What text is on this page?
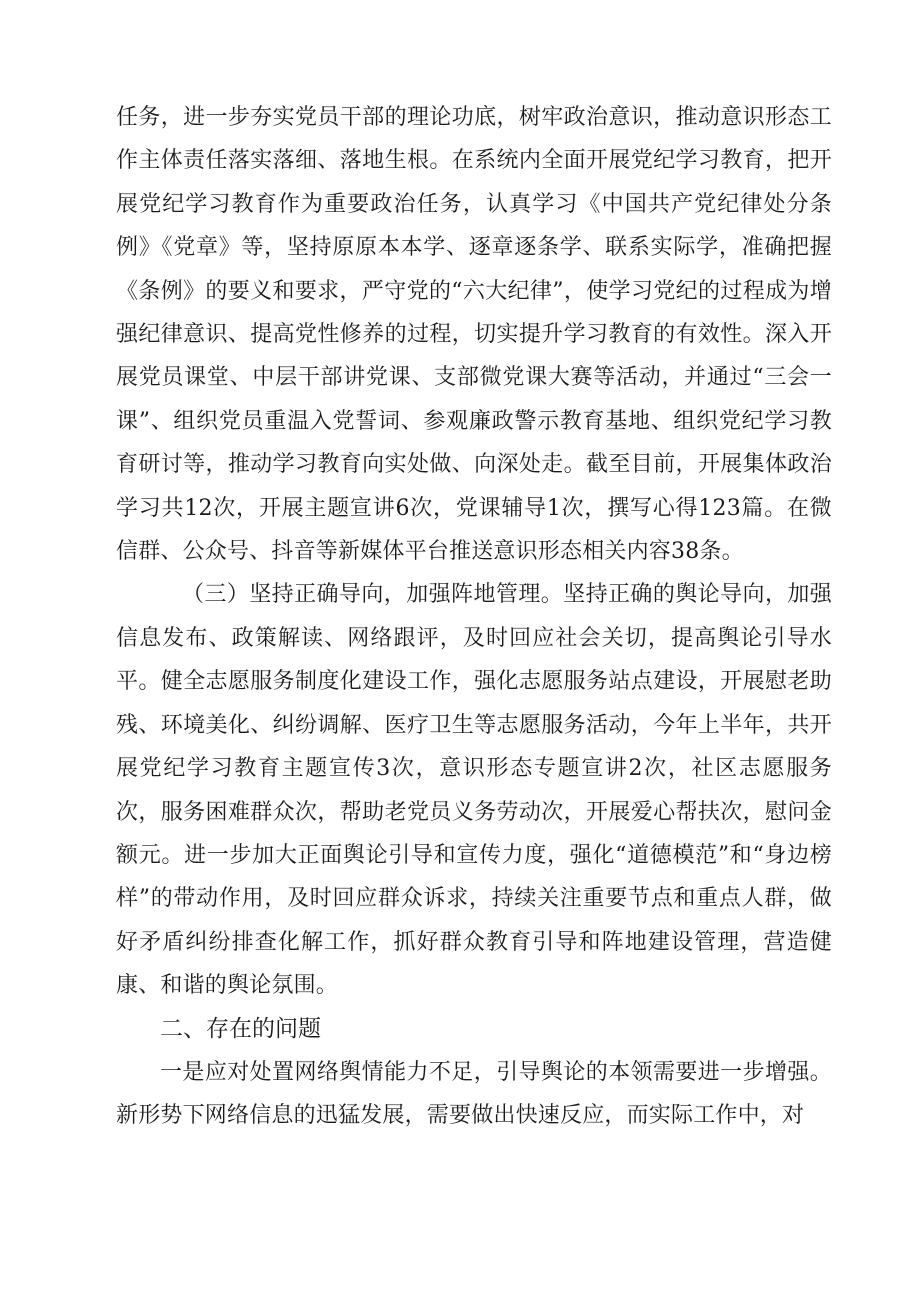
任务，进一步夯实党员干部的理论功底，树牢政治意识，推动意识形态工作主体责任落实落细、落地生根。在系统内全面开展党纪学习教育，把开展党纪学习教育作为重要政治任务，认真学习《中国共产党纪律处分条例》《党章》等，坚持原原本本学、逐章逐条学、联系实际学，准确把握《条例》的要义和要求，严守党的“六大纪律”，使学习党纪的过程成为增强纪律意识、提高党性修养的过程，切实提升学习教育的有效性。深入开展党员课堂、中层干部讲党课、支部微党课大赛等活动，并通过“三会一课”、组织党员重温入党誓词、参观廉政警示教育基地、组织党纪学习教育研讨等，推动学习教育向实处做、向深处走。截至目前，开展集体政治学习共12次，开展主题宣讲6次，党课辅导1次，撰写心得123篇。在微信群、公众号、抖音等新媒体平台推送意识形态相关内容38条。

（三）坚持正确导向，加强阵地管理。坚持正确的舆论导向，加强信息发布、政策解读、网络跟评，及时回应社会关切，提高舆论引导水平。健全志愿服务制度化建设工作，强化志愿服务站点建设，开展慰老助残、环境美化、纠纷调解、医疗卫生等志愿服务活动，今年上半年，共开展党纪学习教育主题宣传3次，意识形态专题宣讲2次，社区志愿服务次，服务困难群众次，帮助老党员义务劳动次，开展爱心帮扶次，慰问金额元。进一步加大正面舆论引导和宣传力度，强化“道德模范”和“身边榜样”的带动作用，及时回应群众诉求，持续关注重要节点和重点人群，做好矛盾纠纷排查化解工作，抓好群众教育引导和阵地建设管理，营造健康、和谐的舆论氛围。

二、存在的问题

一是应对处置网络舆情能力不足，引导舆论的本领需要进一步增强。新形势下网络信息的迅猛发展，需要做出快速反应，而实际工作中，对
